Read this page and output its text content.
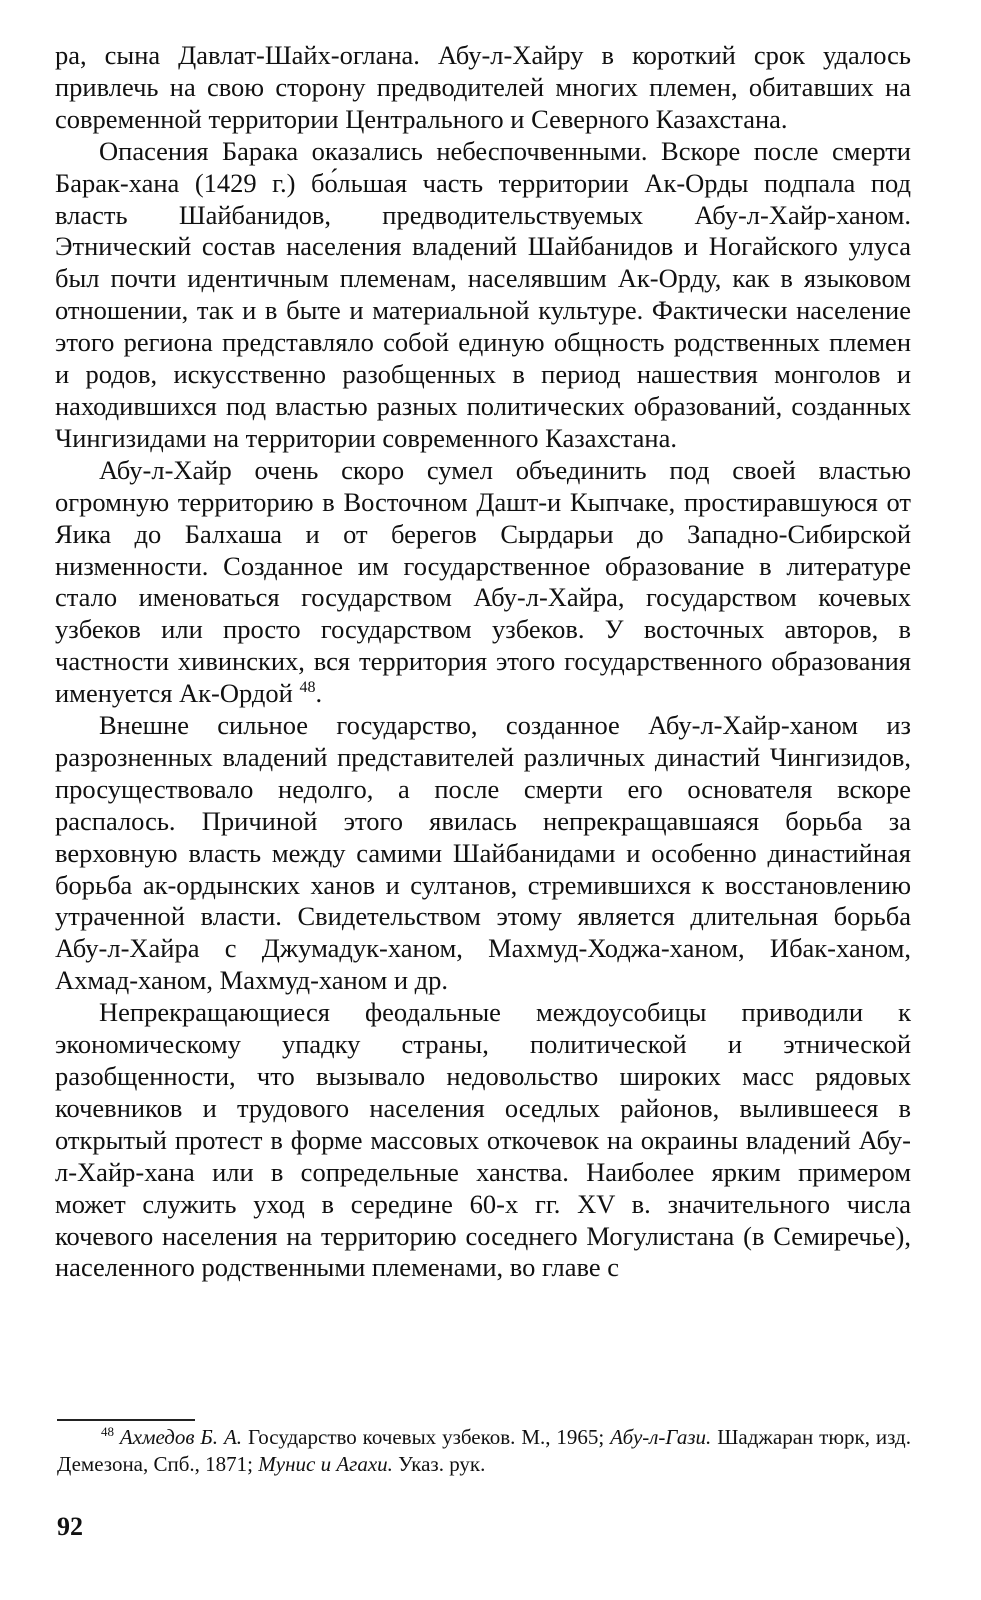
ра, сына Давлат-Шайх-оглана. Абу-л-Хайру в короткий срок удалось привлечь на свою сторону предводителей многих племен, обитавших на современной территории Центрального и Северного Казахстана.

Опасения Барака оказались небеспочвенными. Вскоре после смерти Барак-хана (1429 г.) бо́льшая часть территории Ак-Орды подпала под власть Шайбанидов, предводительствуемых Абу-л-Хайр-ханом. Этнический состав населения владений Шайбанидов и Ногайского улуса был почти идентичным племенам, населявшим Ак-Орду, как в языковом отношении, так и в быте и материальной культуре. Фактически население этого региона представляло собой единую общность родственных племен и родов, искусственно разобщенных в период нашествия монголов и находившихся под властью разных политических образований, созданных Чингизидами на территории современного Казахстана.

Абу-л-Хайр очень скоро сумел объединить под своей властью огромную территорию в Восточном Дашт-и Кыпчаке, простиравшуюся от Яика до Балхаша и от берегов Сырдарьи до Западно-Сибирской низменности. Созданное им государственное образование в литературе стало именоваться государством Абу-л-Хайра, государством кочевых узбеков или просто государством узбеков. У восточных авторов, в частности хивинских, вся территория этого государственного образования именуется Ак-Ордой $^{48}$.

Внешне сильное государство, созданное Абу-л-Хайр-ханом из разрозненных владений представителей различных династий Чингизидов, просуществовало недолго, а после смерти его основателя вскоре распалось. Причиной этого явилась непрекращавшаяся борьба за верховную власть между самими Шайбанидами и особенно династийная борьба ак-ордынских ханов и султанов, стремившихся к восстановлению утраченной власти. Свидетельством этому является длительная борьба Абу-л-Хайра с Джумадук-ханом, Махмуд-Ходжа-ханом, Ибак-ханом, Ахмад-ханом, Махмуд-ханом и др.

Непрекращающиеся феодальные междоусобицы приводили к экономическому упадку страны, политической и этнической разобщенности, что вызывало недовольство широких масс рядовых кочевников и трудового населения оседлых районов, вылившееся в открытый протест в форме массовых откочевок на окраины владений Абу-л-Хайр-хана или в сопредельные ханства. Наиболее ярким примером может служить уход в середине 60-х гг. XV в. значительного числа кочевого населения на территорию соседнего Могулистана (в Семиречье), населенного родственными племенами, во главе с

$^{48}$ Ахмедов Б. А. Государство кочевых узбеков. М., 1965; Абу-л-Гази. Шаджаран тюрк, изд. Демезона, Спб., 1871; Мунис и Агахи. Указ. рук.

92
